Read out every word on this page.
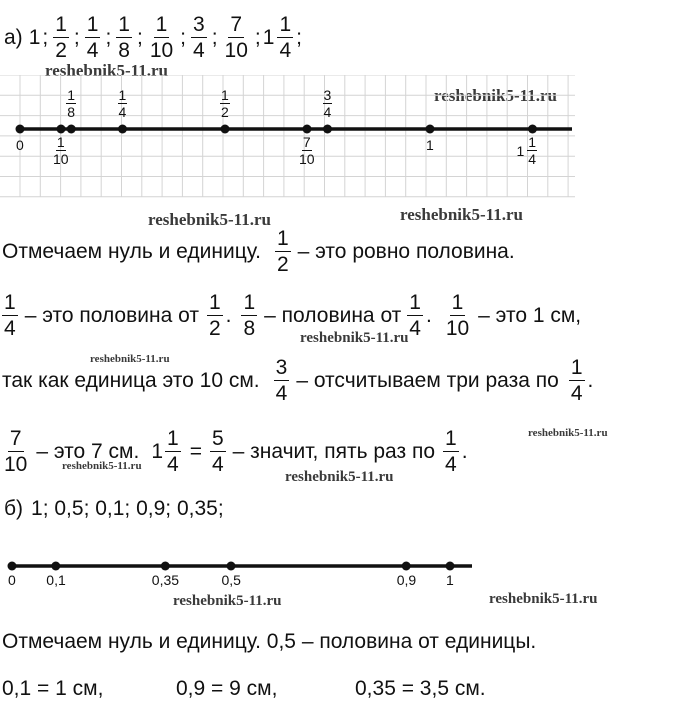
а) 1 ; $\frac{1}{2}$ ; $\frac{1}{4}$ ; $\frac{1}{8}$ ; $\frac{1}{10}$ ; $\frac{3}{4}$ ; $\frac{7}{10}$ ; $1 \frac{1}{4}$ ;
reshebnik5-11.ru
reshebnik5-11.ru
reshebnik5-11.ru	reshebnik5-11.ru
$0 \frac{1}{10}$
$\frac{1}{8}$	$\frac{1}{4}$	$\frac{1}{2}$
$\frac{7}{10}$
$\frac{3}{4}$
1	$1 \frac{1}{4}$
Отмечаем нуль и единицу. $\frac{1}{2}$ – это ровно половина.
$\frac{1}{4}$ – это половина от $\frac{1}{2}$ . $\frac{1}{8}$ – половина от $\frac{1}{4}$ . $\frac{1}{10}$ – это 1 см,
reshebnik5-11.ru
reshebnik5-11.ru
так как единица это 10 см. $\frac{3}{4}$ – отсчитываем три раза по $\frac{1}{4}$ .
$\frac{7}{10}$ – это 7 см. $1 \frac{1}{4} = \frac{5}{4}$ – значит, пять раз по $\frac{1}{4}$ .
reshebnik5-11.ru
reshebnik5-11.ru
reshebnik5-11.ru
б) 1; 0,5; 0,1; 0,9; 0,35;
0 0,1	0,35	0,5	0,9 1
reshebnik5-11.ru	reshebnik5-11.ru
Отмечаем нуль и единицу. 0,5 – половина от единицы.
0,1 = 1 см,	0,9 = 9 см,	0,35 = 3,5 см.
